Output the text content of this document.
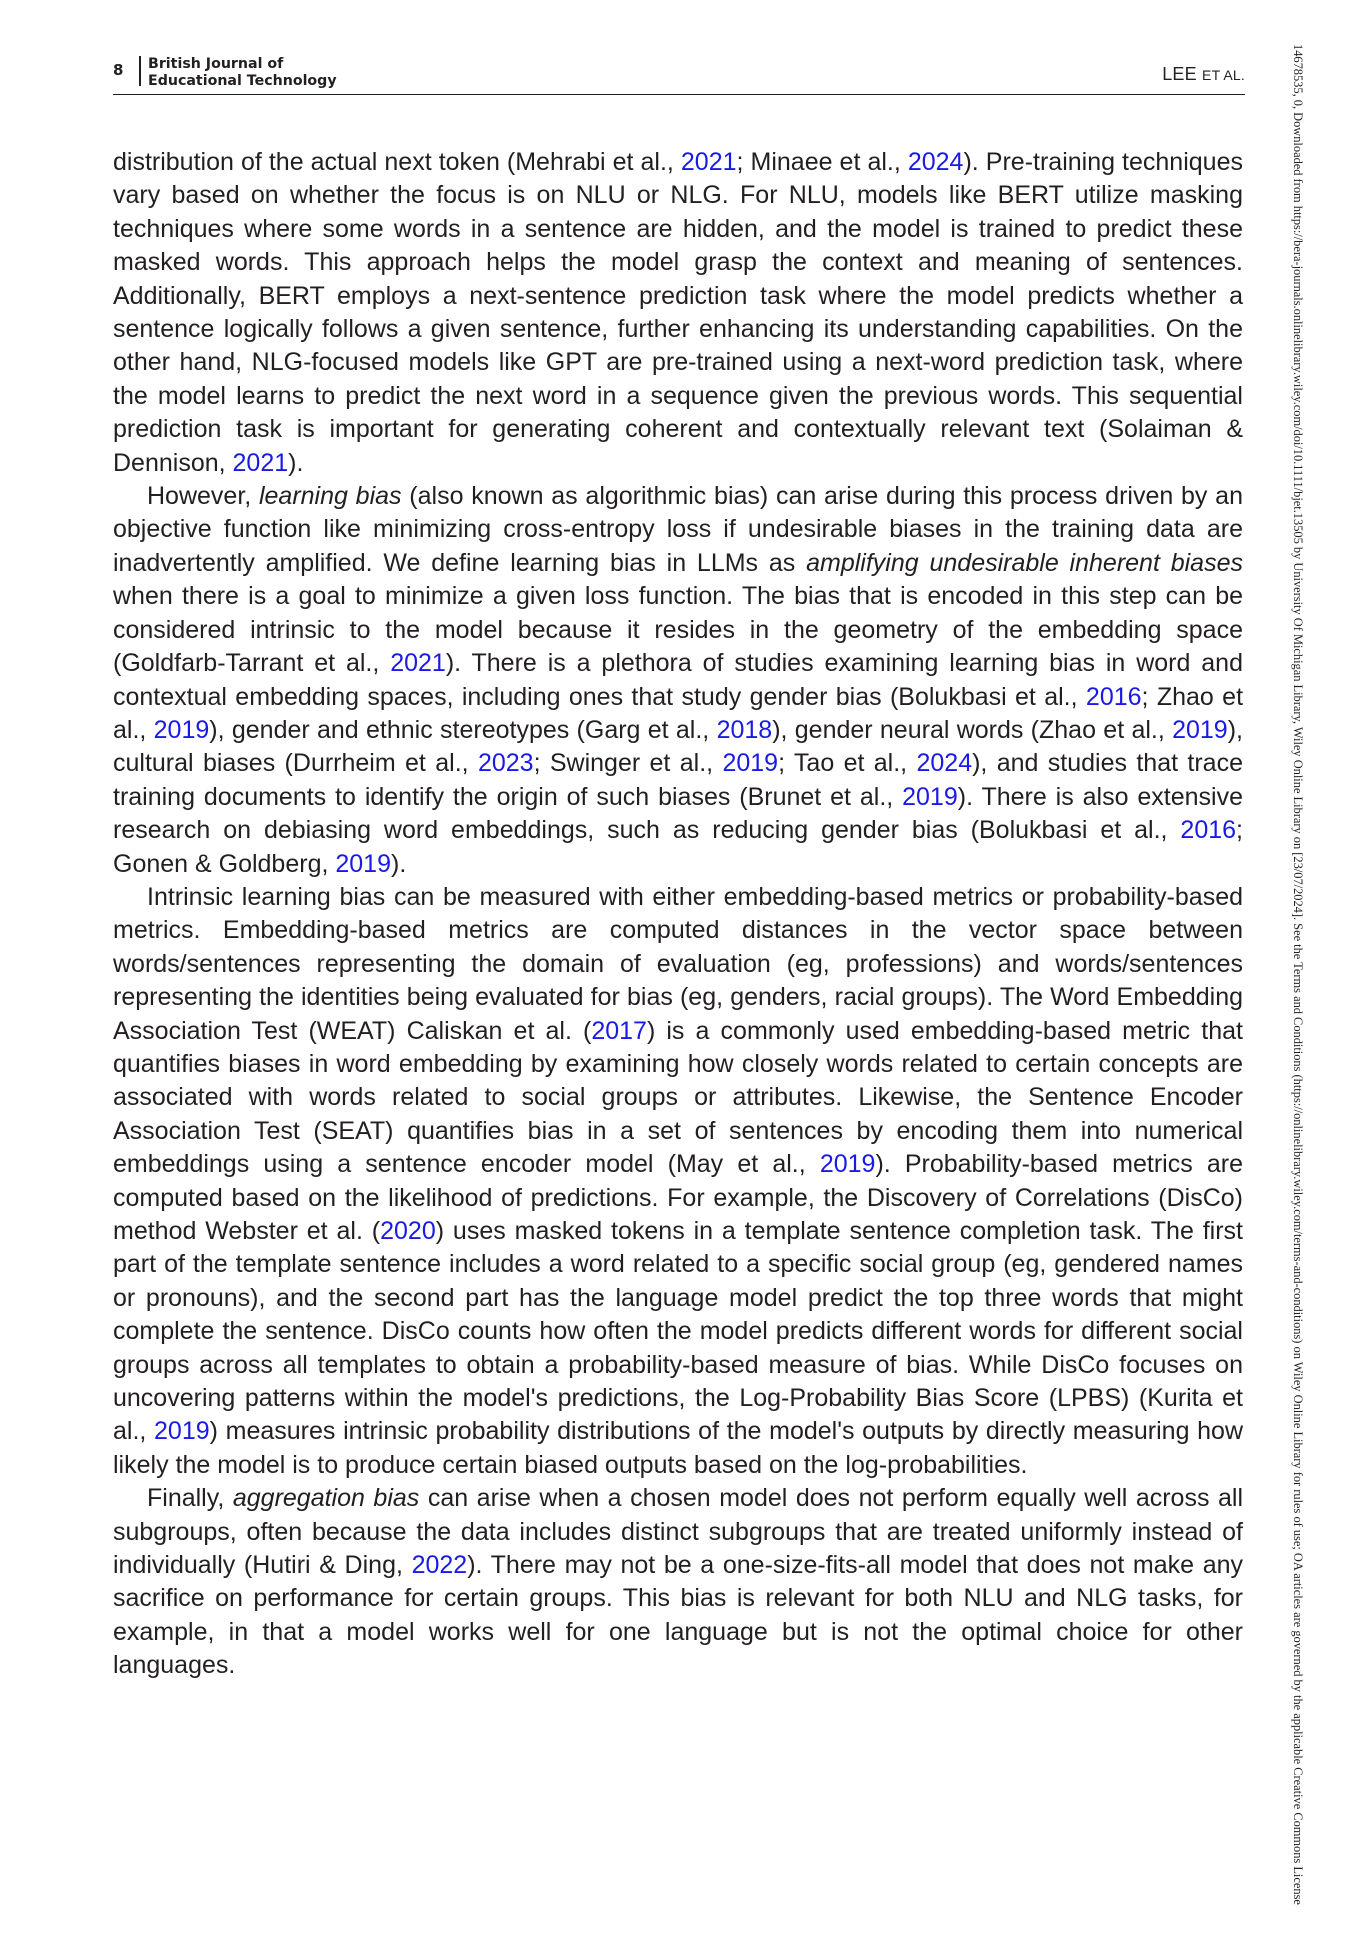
8 British Journal of
Educational Technology	LEE ET AL.

distribution of the actual next token (Mehrabi et al., 2021; Minaee et al., 2024). Pre-training techniques vary based on whether the focus is on NLU or NLG. For NLU, models like BERT utilize masking techniques where some words in a sentence are hidden, and the model is trained to predict these masked words. This approach helps the model grasp the context and meaning of sentences. Additionally, BERT employs a next-sentence prediction task where the model predicts whether a sentence logically follows a given sentence, further enhancing its understanding capabilities. On the other hand, NLG-focused models like GPT are pre-trained using a next-word prediction task, where the model learns to predict the next word in a sequence given the previous words. This sequential prediction task is important for generating coherent and contextually relevant text (Solaiman & Dennison, 2021).

However, learning bias (also known as algorithmic bias) can arise during this process driven by an objective function like minimizing cross-entropy loss if undesirable biases in the training data are inadvertently amplified. We define learning bias in LLMs as amplifying undesirable inherent biases when there is a goal to minimize a given loss function. The bias that is encoded in this step can be considered intrinsic to the model because it resides in the geometry of the embedding space (Goldfarb-Tarrant et al., 2021). There is a plethora of studies examining learning bias in word and contextual embedding spaces, including ones that study gender bias (Bolukbasi et al., 2016; Zhao et al., 2019), gender and ethnic stereotypes (Garg et al., 2018), gender neural words (Zhao et al., 2019), cultural biases (Durrheim et al., 2023; Swinger et al., 2019; Tao et al., 2024), and studies that trace training documents to identify the origin of such biases (Brunet et al., 2019). There is also extensive research on debiasing word embeddings, such as reducing gender bias (Bolukbasi et al., 2016; Gonen & Goldberg, 2019).

Intrinsic learning bias can be measured with either embedding-based metrics or probability-based metrics. Embedding-based metrics are computed distances in the vector space between words/sentences representing the domain of evaluation (eg, professions) and words/sentences representing the identities being evaluated for bias (eg, genders, racial groups). The Word Embedding Association Test (WEAT) Caliskan et al. (2017) is a commonly used embedding-based metric that quantifies biases in word embedding by examining how closely words related to certain concepts are associated with words related to social groups or attributes. Likewise, the Sentence Encoder Association Test (SEAT) quantifies bias in a set of sentences by encoding them into numerical embeddings using a sentence encoder model (May et al., 2019). Probability-based metrics are computed based on the likelihood of predictions. For example, the Discovery of Correlations (DisCo) method Webster et al. (2020) uses masked tokens in a template sentence completion task. The first part of the template sentence includes a word related to a specific social group (eg, gendered names or pronouns), and the second part has the language model predict the top three words that might complete the sentence. DisCo counts how often the model predicts different words for different social groups across all templates to obtain a probability-based measure of bias. While DisCo focuses on uncovering patterns within the model's predictions, the Log-Probability Bias Score (LPBS) (Kurita et al., 2019) measures intrinsic probability distributions of the model's outputs by directly measuring how likely the model is to produce certain biased outputs based on the log-probabilities.

Finally, aggregation bias can arise when a chosen model does not perform equally well across all subgroups, often because the data includes distinct subgroups that are treated uniformly instead of individually (Hutiri & Ding, 2022). There may not be a one-size-fits-all model that does not make any sacrifice on performance for certain groups. This bias is relevant for both NLU and NLG tasks, for example, in that a model works well for one language but is not the optimal choice for other languages.	14678535, 0, Downloaded from https://bera-journals.onlinelibrary.wiley.com/doi/10.1111/bjet.13505 by University Of Michigan Library, Wiley Online Library on [23/07/2024]. See the Terms and Conditions (https://onlinelibrary.wiley.com/terms-and-conditions) on Wiley Online Library for rules of use; OA articles are governed by the applicable Creative Commons License
